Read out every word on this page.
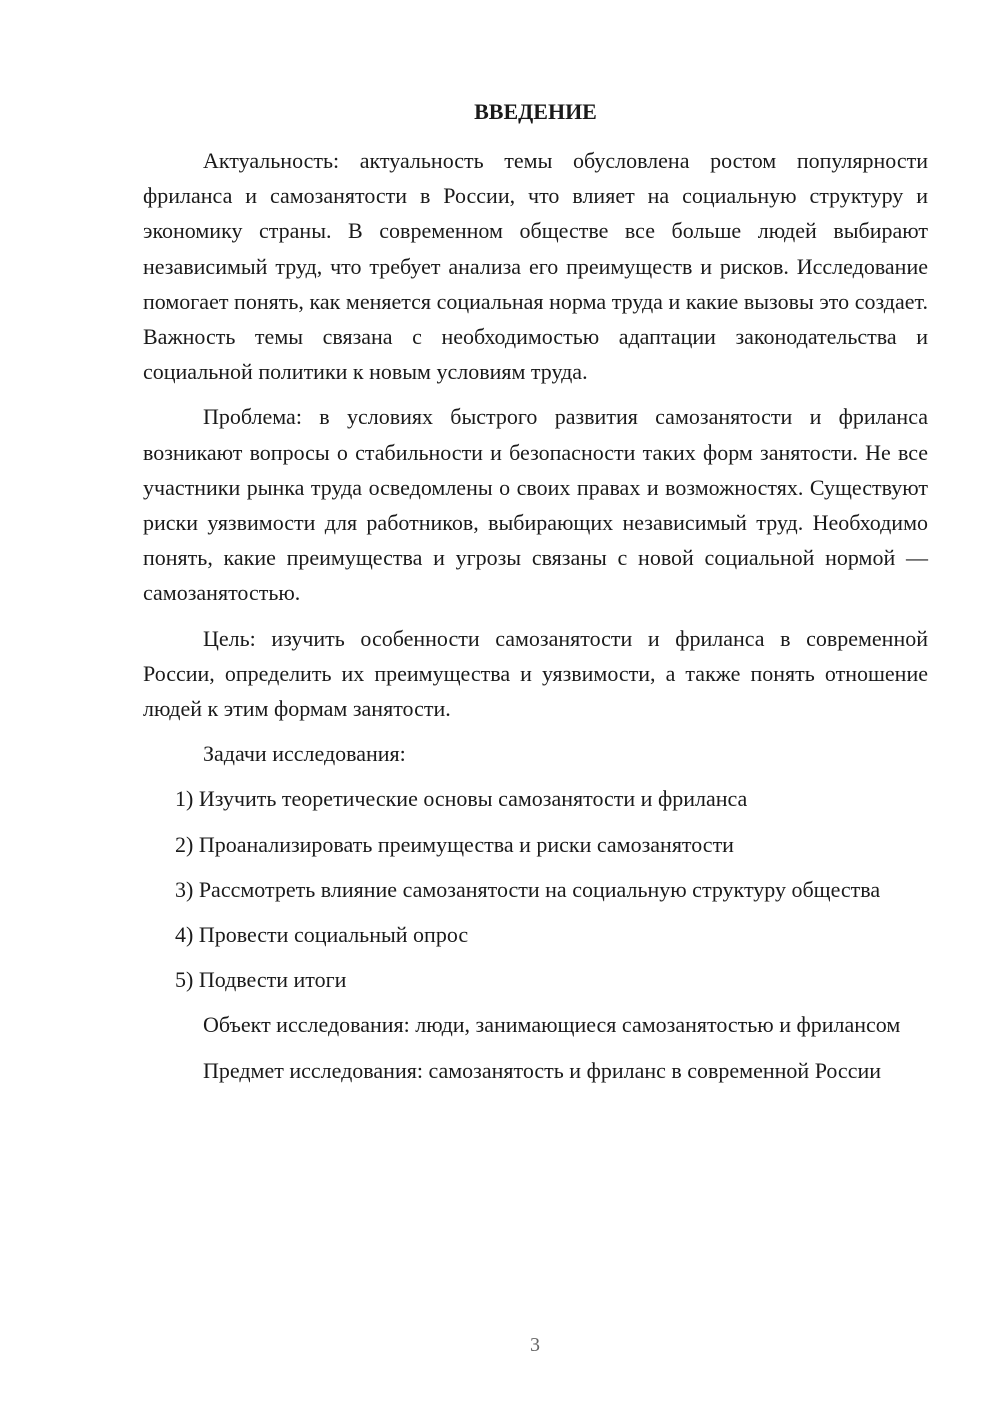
ВВЕДЕНИЕ

Актуальность: актуальность темы обусловлена ростом популярности фриланса и самозанятости в России, что влияет на социальную структуру и экономику страны. В современном обществе все больше людей выбирают независимый труд, что требует анализа его преимуществ и рисков. Исследование помогает понять, как меняется социальная норма труда и какие вызовы это создает. Важность темы связана с необходимостью адаптации законодательства и социальной политики к новым условиям труда.

Проблема: в условиях быстрого развития самозанятости и фриланса возникают вопросы о стабильности и безопасности таких форм занятости. Не все участники рынка труда осведомлены о своих правах и возможностях. Существуют риски уязвимости для работников, выбирающих независимый труд. Необходимо понять, какие преимущества и угрозы связаны с новой социальной нормой — самозанятостью.

Цель: изучить особенности самозанятости и фриланса в современной России, определить их преимущества и уязвимости, а также понять отношение людей к этим формам занятости.

Задачи исследования:

1) Изучить теоретические основы самозанятости и фриланса

2) Проанализировать преимущества и риски самозанятости

3) Рассмотреть влияние самозанятости на социальную структуру общества

4) Провести социальный опрос

5) Подвести итоги

Объект исследования: люди, занимающиеся самозанятостью и фрилансом

Предмет исследования: самозанятость и фриланс в современной России

3
